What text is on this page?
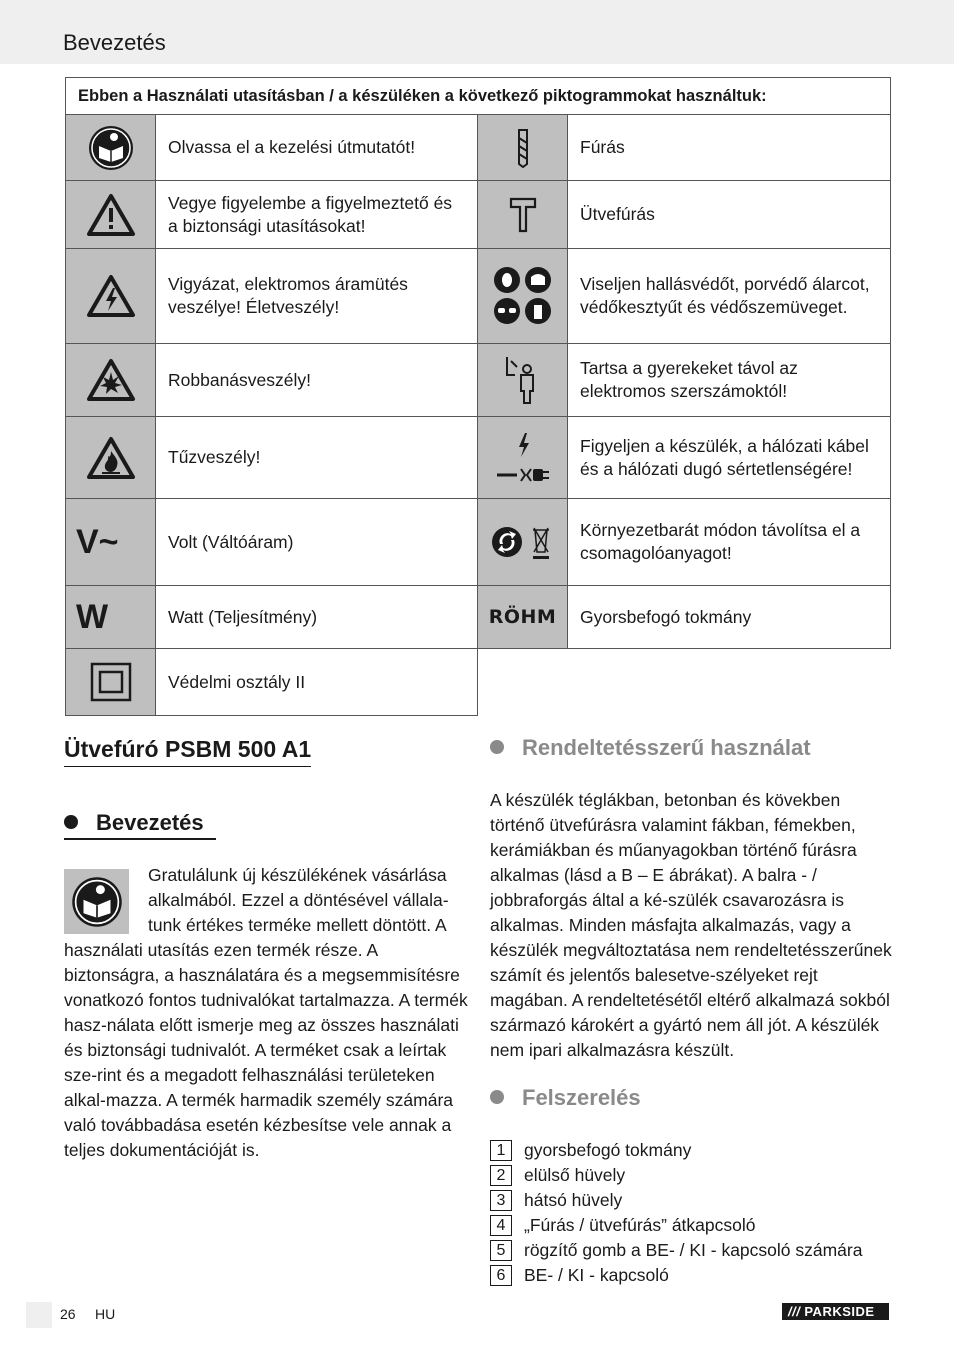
Bevezetés
Ebben a Használati utasításban / a készüléken a következő piktogrammokat használtuk:			
	Olvassa el a kezelési útmutatót!		Fúrás
	Vegye figyelembe a figyelmeztető és a biztonsági utasításokat!		Ütvefúrás
	Vigyázat, elektromos áramütés veszélye! Életveszély!		Viseljen hallásvédőt, porvédő álarcot, védőkesztyűt és védőszemüveget.
	Robbanásveszély!		Tartsa a gyerekeket távol az elektromos szerszámoktól!
	Tűzveszély!		Figyeljen a készülék, a hálózati kábel és a hálózati dugó sértetlenségére!
V~	Volt (Váltóáram)		Környezetbarát módon távolítsa el a csomagolóanyagot!
W	Watt (Teljesítmény)	RÖHM	Gyorsbefogó tokmány
	Védelmi osztály II		
Ütvefúró PSBM 500 A1
Bevezetés
Gratulálunk új készülékének vásárlása alkalmából. Ezzel a döntésével vállala-tunk értékes terméke mellett döntött. A
használati utasítás ezen termék része. A biztonságra, a használatára és a megsemmisítésre vonatkozó fontos tudnivalókat tartalmazza. A termék hasz-nálata előtt ismerje meg az összes használati és biztonsági tudnivalót. A terméket csak a leírtak sze-rint és a megadott felhasználási területeken alkal-mazza. A termék harmadik személy számára való továbbadása esetén kézbesítse vele annak a teljes dokumentációját is.
Rendeltetésszerű használat
A készülék téglákban, betonban és kövekben történő ütvefúrásra valamint fákban, fémekben, kerámiákban és műanyagokban történő fúrásra alkalmas (lásd a B – E ábrákat). A balra - / jobbraforgás által a ké-szülék csavarozásra is alkalmas. Minden másfajta alkalmazás, vagy a készülék megváltoztatása nem rendeltetésszerűnek számít és jelentős balesetve-szélyeket rejt magában. A rendeltetésétől eltérő alkalmazá sokból származó károkért a gyártó nem áll jót. A készülék nem ipari alkalmazásra készült.
Felszerelés
1	gyorsbefogó tokmány
2	elülső hüvely
3	hátsó hüvely
4	„Fúrás / ütvefúrás” átkapcsoló
5	rögzítő gomb a BE- / KI - kapcsoló számára
6	BE- / KI - kapcsoló
26 HU	/// PARKSIDE
